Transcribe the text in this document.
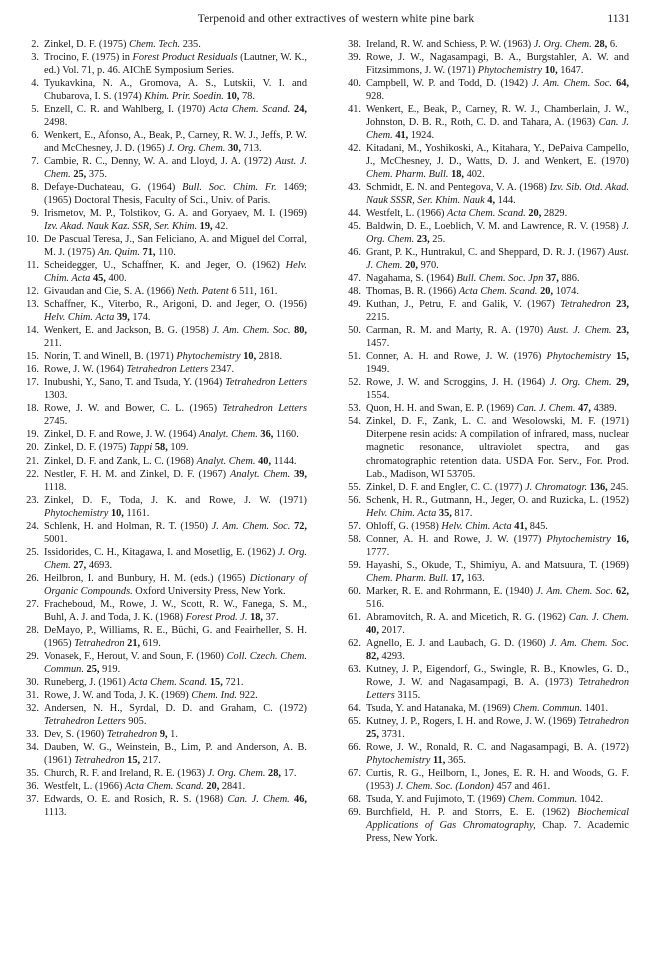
Terpenoid and other extractives of western white pine bark	1131
2. Zinkel, D. F. (1975) Chem. Tech. 235.
3. Trocino, F. (1975) in Forest Product Residuals (Lautner, W. K., ed.) Vol. 71, p. 46. AIChE Symposium Series.
4. Tyukavkina, N. A., Gromova, A. S., Lutskii, V. I. and Chubarova, I. S. (1974) Khim. Prir. Soedin. 10, 78.
5. Enzell, C. R. and Wahlberg, I. (1970) Acta Chem. Scand. 24, 2498.
6. Wenkert, E., Afonso, A., Beak, P., Carney, R. W. J., Jeffs, P. W. and McChesney, J. D. (1965) J. Org. Chem. 30, 713.
7. Cambie, R. C., Denny, W. A. and Lloyd, J. A. (1972) Aust. J. Chem. 25, 375.
8. Defaye-Duchateau, G. (1964) Bull. Soc. Chim. Fr. 1469; (1965) Doctoral Thesis, Faculty of Sci., Univ. of Paris.
9. Irismetov, M. P., Tolstikov, G. A. and Goryaev, M. I. (1969) Izv. Akad. Nauk Kaz. SSR, Ser. Khim. 19, 42.
10. De Pascual Teresa, J., San Feliciano, A. and Miguel del Corral, M. J. (1975) An. Quim. 71, 110.
11. Scheidegger, U., Schaffner, K. and Jeger, O. (1962) Helv. Chim. Acta 45, 400.
12. Givaudan and Cie, S. A. (1966) Neth. Patent 6 511, 161.
13. Schaffner, K., Viterbo, R., Arigoni, D. and Jeger, O. (1956) Helv. Chim. Acta 39, 174.
14. Wenkert, E. and Jackson, B. G. (1958) J. Am. Chem. Soc. 80, 211.
15. Norin, T. and Winell, B. (1971) Phytochemistry 10, 2818.
16. Rowe, J. W. (1964) Tetrahedron Letters 2347.
17. Inubushi, Y., Sano, T. and Tsuda, Y. (1964) Tetrahedron Letters 1303.
18. Rowe, J. W. and Bower, C. L. (1965) Tetrahedron Letters 2745.
19. Zinkel, D. F. and Rowe, J. W. (1964) Analyt. Chem. 36, 1160.
20. Zinkel, D. F. (1975) Tappi 58, 109.
21. Zinkel, D. F. and Zank, L. C. (1968) Analyt. Chem. 40, 1144.
22. Nestler, F. H. M. and Zinkel, D. F. (1967) Analyt. Chem. 39, 1118.
23. Zinkel, D. F., Toda, J. K. and Rowe, J. W. (1971) Phytochemistry 10, 1161.
24. Schlenk, H. and Holman, R. T. (1950) J. Am. Chem. Soc. 72, 5001.
25. Issidorides, C. H., Kitagawa, I. and Mosetlig, E. (1962) J. Org. Chem. 27, 4693.
26. Heilbron, I. and Bunbury, H. M. (eds.) (1965) Dictionary of Organic Compounds. Oxford University Press, New York.
27. Fracheboud, M., Rowe, J. W., Scott, R. W., Fanega, S. M., Buhl, A. J. and Toda, J. K. (1968) Forest Prod. J. 18, 37.
28. DeMayo, P., Williams, R. E., Büchi, G. and Feairheller, S. H. (1965) Tetrahedron 21, 619.
29. Vonasek, F., Herout, V. and Soun, F. (1960) Coll. Czech. Chem. Commun. 25, 919.
30. Runeberg, J. (1961) Acta Chem. Scand. 15, 721.
31. Rowe, J. W. and Toda, J. K. (1969) Chem. Ind. 922.
32. Andersen, N. H., Syrdal, D. D. and Graham, C. (1972) Tetrahedron Letters 905.
33. Dev, S. (1960) Tetrahedron 9, 1.
34. Dauben, W. G., Weinstein, B., Lim, P. and Anderson, A. B. (1961) Tetrahedron 15, 217.
35. Church, R. F. and Ireland, R. E. (1963) J. Org. Chem. 28, 17.
36. Westfelt, L. (1966) Acta Chem. Scand. 20, 2841.
37. Edwards, O. E. and Rosich, R. S. (1968) Can. J. Chem. 46, 1113.
38. Ireland, R. W. and Schiess, P. W. (1963) J. Org. Chem. 28, 6.
39. Rowe, J. W., Nagasampagi, B. A., Burgstahler, A. W. and Fitzsimmons, J. W. (1971) Phytochemistry 10, 1647.
40. Campbell, W. P. and Todd, D. (1942) J. Am. Chem. Soc. 64, 928.
41. Wenkert, E., Beak, P., Carney, R. W. J., Chamberlain, J. W., Johnston, D. B. R., Roth, C. D. and Tahara, A. (1963) Can. J. Chem. 41, 1924.
42. Kitadani, M., Yoshikoski, A., Kitahara, Y., DePaiva Campello, J., McChesney, J. D., Watts, D. J. and Wenkert, E. (1970) Chem. Pharm. Bull. 18, 402.
43. Schmidt, E. N. and Pentegova, V. A. (1968) Izv. Sib. Otd. Akad. Nauk SSSR, Ser. Khim. Nauk 4, 144.
44. Westfelt, L. (1966) Acta Chem. Scand. 20, 2829.
45. Baldwin, D. E., Loeblich, V. M. and Lawrence, R. V. (1958) J. Org. Chem. 23, 25.
46. Grant, P. K., Huntrakul, C. and Sheppard, D. R. J. (1967) Aust. J. Chem. 20, 970.
47. Nagahama, S. (1964) Bull. Chem. Soc. Jpn 37, 886.
48. Thomas, B. R. (1966) Acta Chem. Scand. 20, 1074.
49. Kuthan, J., Petru, F. and Galik, V. (1967) Tetrahedron 23, 2215.
50. Carman, R. M. and Marty, R. A. (1970) Aust. J. Chem. 23, 1457.
51. Conner, A. H. and Rowe, J. W. (1976) Phytochemistry 15, 1949.
52. Rowe, J. W. and Scroggins, J. H. (1964) J. Org. Chem. 29, 1554.
53. Quon, H. H. and Swan, E. P. (1969) Can. J. Chem. 47, 4389.
54. Zinkel, D. F., Zank, L. C. and Wesolowski, M. F. (1971) Diterpene resin acids: A compilation of infrared, mass, nuclear magnetic resonance, ultraviolet spectra, and gas chromatographic retention data. USDA For. Serv., For. Prod. Lab., Madison, WI 53705.
55. Zinkel, D. F. and Engler, C. C. (1977) J. Chromatogr. 136, 245.
56. Schenk, H. R., Gutmann, H., Jeger, O. and Ruzicka, L. (1952) Helv. Chim. Acta 35, 817.
57. Ohloff, G. (1958) Helv. Chim. Acta 41, 845.
58. Conner, A. H. and Rowe, J. W. (1977) Phytochemistry 16, 1777.
59. Hayashi, S., Okude, T., Shimiyu, A. and Matsuura, T. (1969) Chem. Pharm. Bull. 17, 163.
60. Marker, R. E. and Rohrmann, E. (1940) J. Am. Chem. Soc. 62, 516.
61. Abramovitch, R. A. and Micetich, R. G. (1962) Can. J. Chem. 40, 2017.
62. Agnello, E. J. and Laubach, G. D. (1960) J. Am. Chem. Soc. 82, 4293.
63. Kutney, J. P., Eigendorf, G., Swingle, R. B., Knowles, G. D., Rowe, J. W. and Nagasampagi, B. A. (1973) Tetrahedron Letters 3115.
64. Tsuda, Y. and Hatanaka, M. (1969) Chem. Commun. 1401.
65. Kutney, J. P., Rogers, I. H. and Rowe, J. W. (1969) Tetrahedron 25, 3731.
66. Rowe, J. W., Ronald, R. C. and Nagasampagi, B. A. (1972) Phytochemistry 11, 365.
67. Curtis, R. G., Heilborn, I., Jones, E. R. H. and Woods, G. F. (1953) J. Chem. Soc. (London) 457 and 461.
68. Tsuda, Y. and Fujimoto, T. (1969) Chem. Commun. 1042.
69. Burchfield, H. P. and Storrs, E. E. (1962) Biochemical Applications of Gas Chromatography, Chap. 7. Academic Press, New York.
